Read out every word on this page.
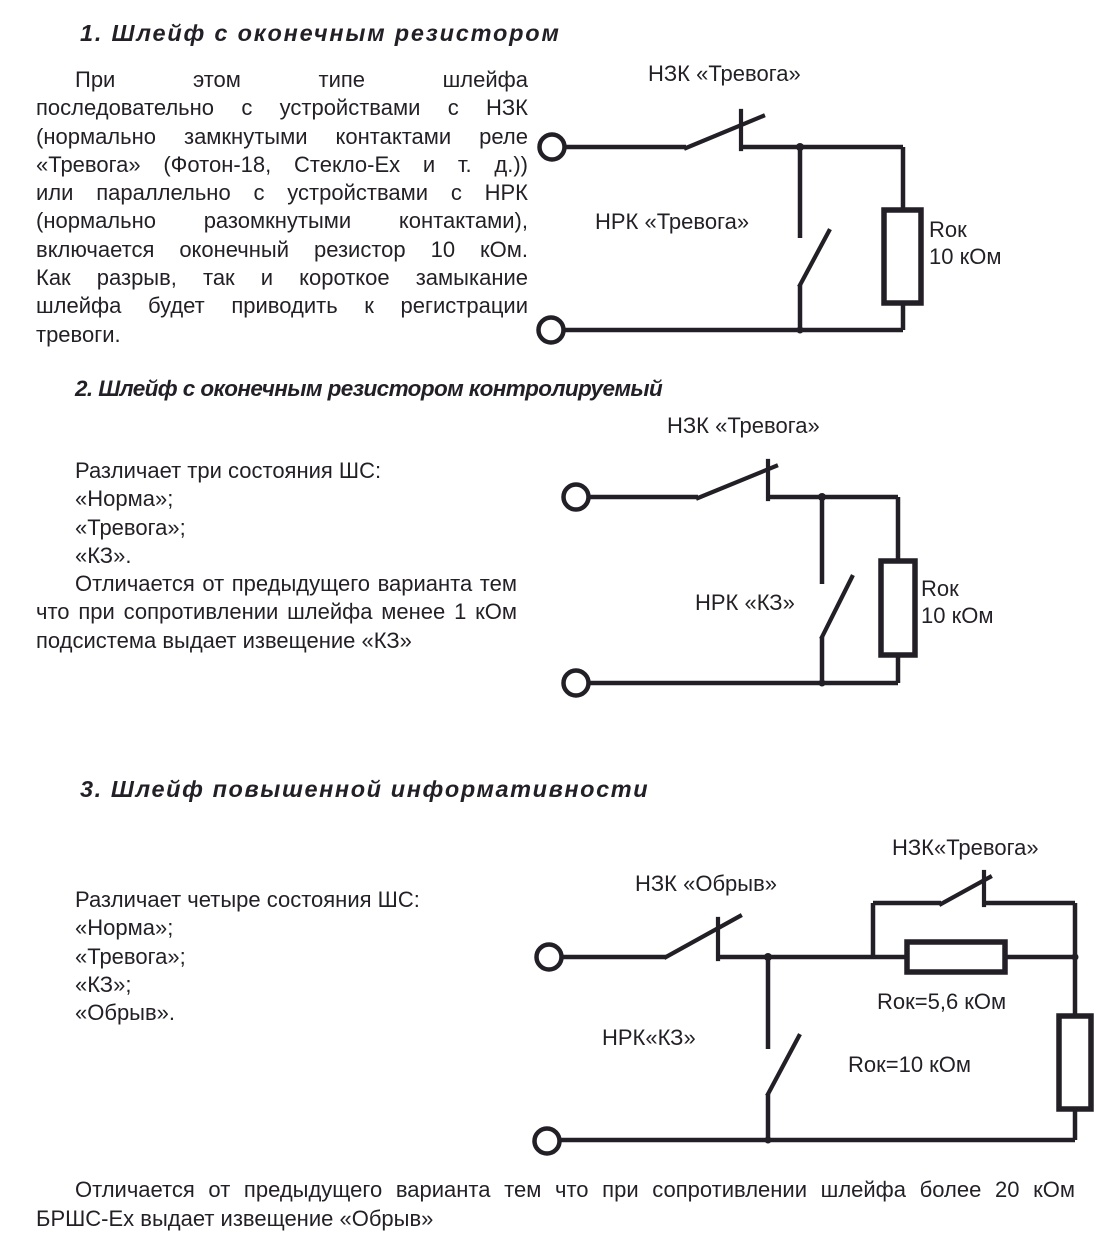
1. Шлейф с оконечным резистором
При этом типе шлейфа
последовательно с устройствами с НЗК
(нормально замкнутыми контактами реле
«Тревога» (Фотон-18, Стекло-Ex и т. д.))
или параллельно с устройствами с НРК
(нормально разомкнутыми контактами),
включается оконечный резистор 10 кОм.
Как разрыв, так и короткое замыкание
шлейфа будет приводить к регистрации
тревоги.
НЗК «Тревога»
НРК «Тревога»	Rок
10 кОм
2. Шлейф с оконечным резистором контролируемый
Различает три состояния ШС:
«Норма»;
«Тревога»;
«КЗ».
Отличается от предыдущего варианта тем
что при сопротивлении шлейфа менее 1 кОм
подсистема выдает извещение «КЗ»
НЗК «Тревога»
НРК «КЗ»
Rок
10 кОм
3. Шлейф повышенной информативности
Различает четыре состояния ШС:
«Норма»;
«Тревога»;
«КЗ»;
«Обрыв».
НЗК «Обрыв»
НЗК«Тревога»
НРК«КЗ»
Rок=5,6 кОм
Rок=10 кОм
Отличается от предыдущего варианта тем что при сопротивлении шлейфа более 20 кОм
БРШС-Ex выдает извещение «Обрыв»
